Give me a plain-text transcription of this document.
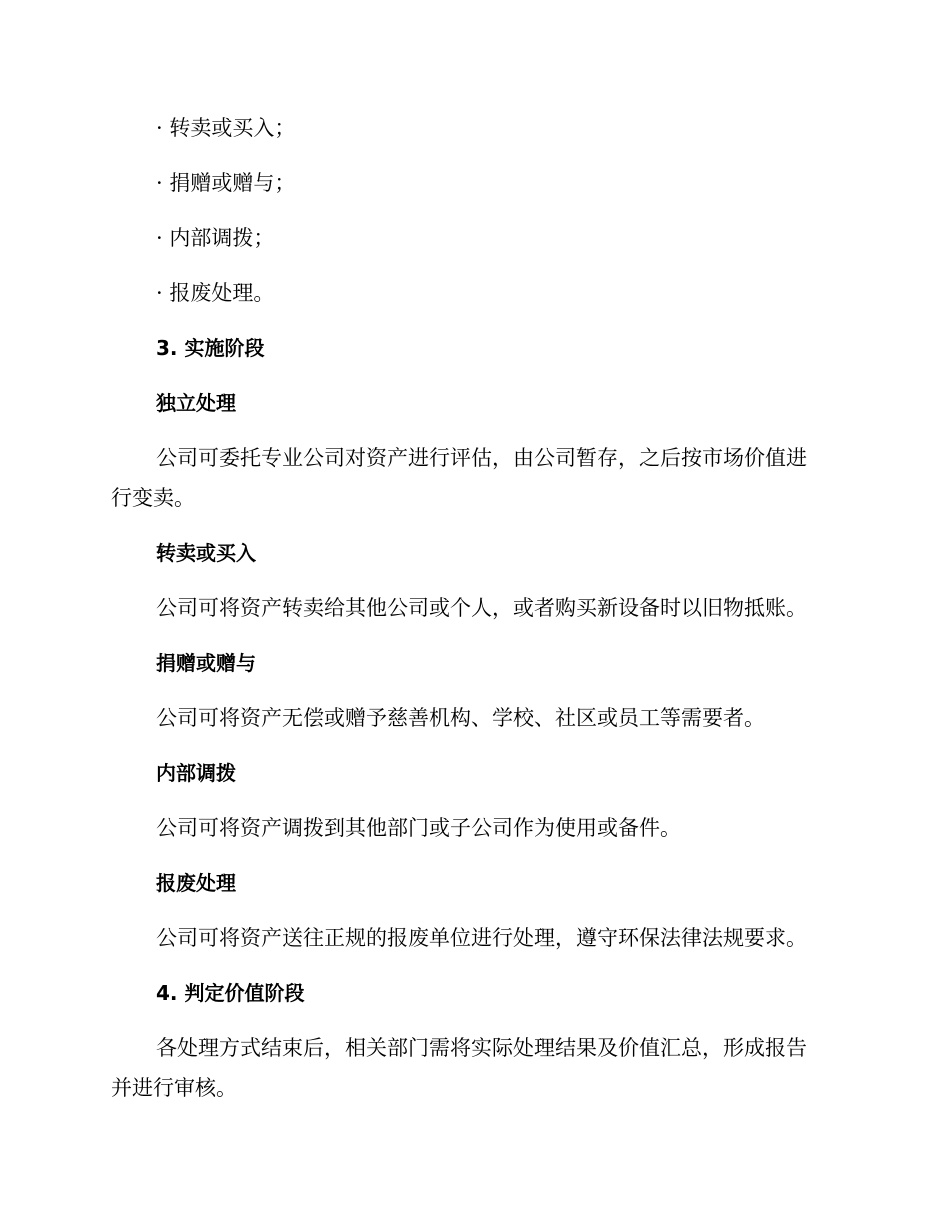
· 转卖或买入；
· 捐赠或赠与；
· 内部调拨；
· 报废处理。
3. 实施阶段
独立处理
公司可委托专业公司对资产进行评估，由公司暂存，之后按市场价值进
行变卖。
转卖或买入
公司可将资产转卖给其他公司或个人，或者购买新设备时以旧物抵账。
捐赠或赠与
公司可将资产无偿或赠予慈善机构、学校、社区或员工等需要者。
内部调拨
公司可将资产调拨到其他部门或子公司作为使用或备件。
报废处理
公司可将资产送往正规的报废单位进行处理，遵守环保法律法规要求。
4. 判定价值阶段
各处理方式结束后，相关部门需将实际处理结果及价值汇总，形成报告
并进行审核。
